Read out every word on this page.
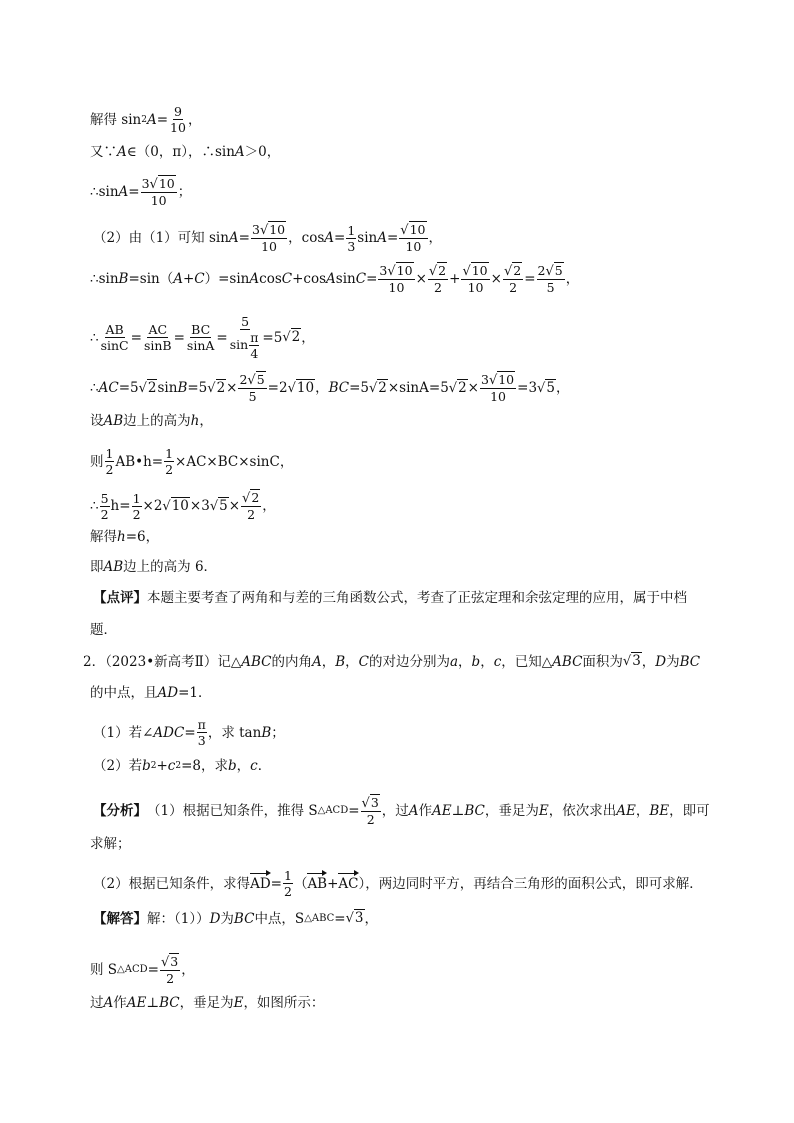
解得 sin 2 $A = \frac{9}{10}$ ，
又∵ A ∈（0，π），∴sin A ＞0，
∴sin $A = \frac{3√10}{10}$ ；
（2）由（1）可知 $\sin A = \frac{3√10}{10}$ ，$\cos A = \frac{1}{3}$ $\sin A = \frac{√10}{10}$ ，
∴sin B =sin（ A + C ）=sin A cos C +cos A $\sin C = \frac{3√10}{10} \times \frac{√2}{2} + \frac{√10}{10} \times \frac{√2}{2} = \frac{2√5}{5}$ ，
∴ $\frac{AB}{\sin C} = \frac{AC}{\sin B} = \frac{BC}{\sin A} = \frac{5}{\sin \frac{\pi}{4}} =5$ √2 ，
∴ AC =5 √2 sin B =5 $√2 \times \frac{2√5}{5} =2$ √10 ， BC =5 √2 ×sinA=5 $√2 \times \frac{3√10}{10} =3$ √5 ，
设 AB 边上的高为 h ，
则 $\frac{1}{2}$ AB•h= $\frac{1}{2} \times AC\times BC\times\sin C$，
∴ $\frac{5}{2} h= \frac{1}{2} \times 2$ √10 ×3 $√5 \times \frac{√2}{2}$ ，
解得 h =6，
即 AB 边上的高为 6．
【点评】 本题主要考查了两角和与差的三角函数公式，考查了正弦定理和余弦定理的应用，属于中档
题．
2．（2023•新高考Ⅱ）记△ ABC 的内角 A ， B ， C 的对边分别为 a ， b ， c ，已知△ ABC 面积为 √3 ， D 为 BC
的中点，且 AD =1．
（1）若∠ ADC = $\frac{\pi}{3}$ ，求 tan B ；
（2）若 b 2 + c 2 =8，求 b ， c ．
【分析】 （1）根据已知条件，推得 S △ACD = $\frac{√3}{2}$ ，过 A 作 AE ⊥ BC ，垂足为 E ，依次求出 AE ， BE ，即可
求解；
（2）根据已知条件，求得 AD = $\frac{1}{2}$ （ AB + AC ），两边同时平方，再结合三角形的面积公式，即可求解．
【解答】 解：（1）） D 为 BC 中点，S △ABC = √3 ，
则 S △ACD = $\frac{√3}{2}$ ，
过 A 作 AE ⊥ BC ，垂足为 E ，如图所示：
